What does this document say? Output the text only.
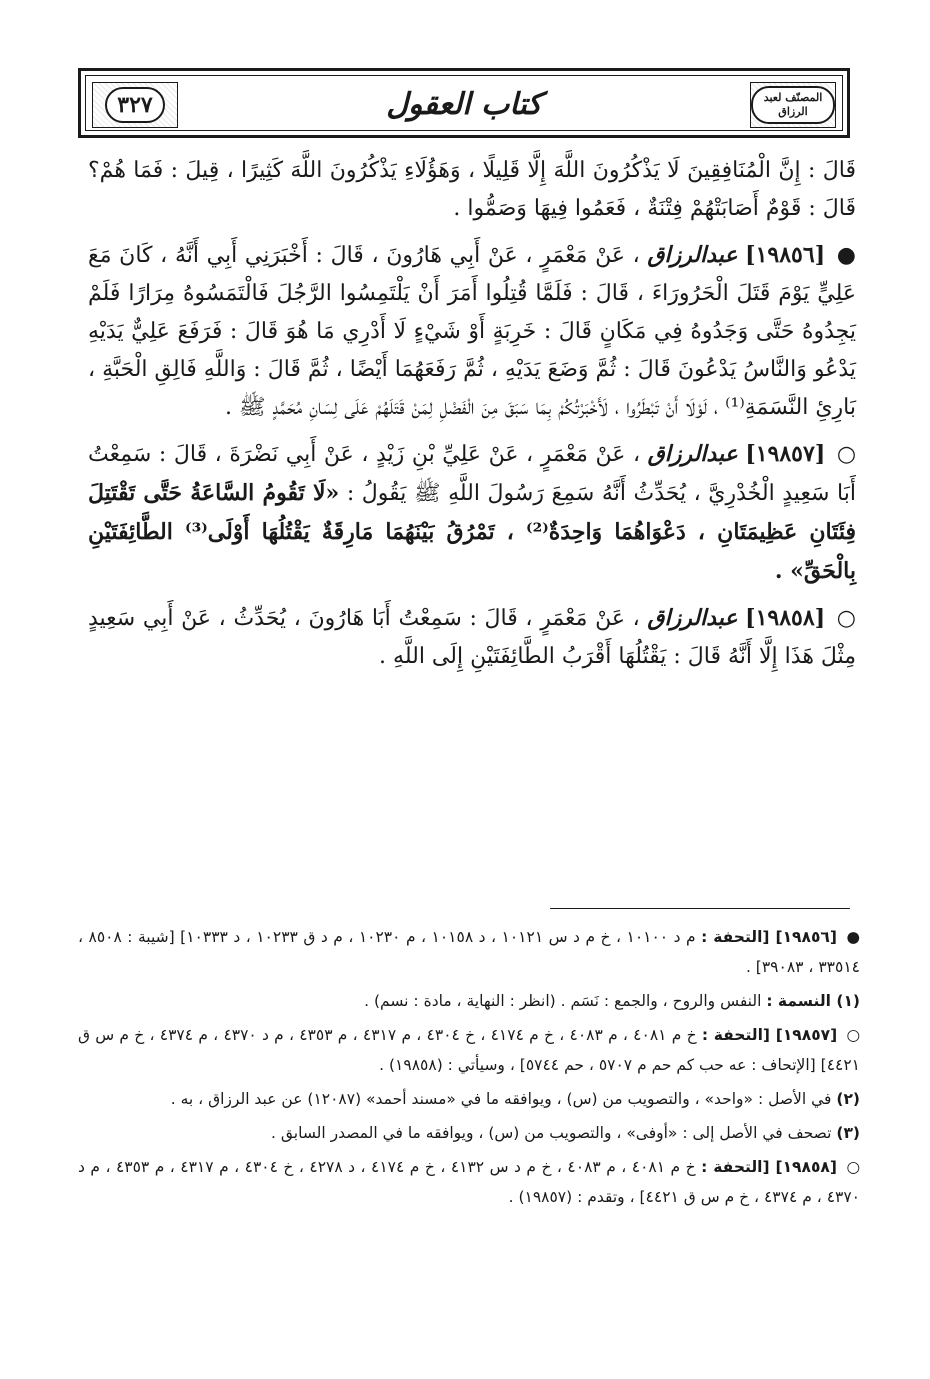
٣٢٧	كتاب العقول	المصنّف لعبد الرزاق

قَالَ : إِنَّ الْمُنَافِقِينَ لَا يَذْكُرُونَ اللَّهَ إِلَّا قَلِيلًا ، وَهَؤُلَاءِ يَذْكُرُونَ اللَّهَ كَثِيرًا ، قِيلَ : فَمَا هُمْ؟ قَالَ : قَوْمٌ أَصَابَتْهُمْ فِتْنَةٌ ، فَعَمُوا فِيهَا وَصَمُّوا .

● [١٩٨٥٦] عبدالرزاق ، عَنْ مَعْمَرٍ ، عَنْ أَبِي هَارُونَ ، قَالَ : أَخْبَرَنِي أَبِي أَنَّهُ ، كَانَ مَعَ عَلِيٍّ يَوْمَ قَتَلَ الْحَرُورَاءَ ، قَالَ : فَلَمَّا قُتِلُوا أَمَرَ أَنْ يَلْتَمِسُوا الرَّجُلَ فَالْتَمَسُوهُ مِرَارًا فَلَمْ يَجِدُوهُ حَتَّى وَجَدُوهُ فِي مَكَانٍ قَالَ : خَرِبَةٍ أَوْ شَيْءٍ لَا أَدْرِي مَا هُوَ قَالَ : فَرَفَعَ عَلِيٌّ يَدَيْهِ يَدْعُو وَالنَّاسُ يَدْعُونَ قَالَ : ثُمَّ وَضَعَ يَدَيْهِ ، ثُمَّ رَفَعَهُمَا أَيْضًا ، ثُمَّ قَالَ : وَاللَّهِ فَالِقِ الْحَبَّةِ ، بَارِئِ النَّسَمَةِ⁽¹⁾ ، لَوْلَا أَنْ تَبْطَرُوا ، لَأَخْبَرْتُكُمْ بِمَا سَبَقَ مِنَ الْفَضْلِ لِمَنْ قَتَلَهُمْ عَلَى لِسَانِ مُحَمَّدٍ ﷺ .

○ [١٩٨٥٧] عبدالرزاق ، عَنْ مَعْمَرٍ ، عَنْ عَلِيِّ بْنِ زَيْدٍ ، عَنْ أَبِي نَضْرَةَ ، قَالَ : سَمِعْتُ أَبَا سَعِيدٍ الْخُدْرِيَّ ، يُحَدِّثُ أَنَّهُ سَمِعَ رَسُولَ اللَّهِ ﷺ يَقُولُ : «لَا تَقُومُ السَّاعَةُ حَتَّى تَقْتَتِلَ فِئَتَانِ عَظِيمَتَانِ ، دَعْوَاهُمَا وَاحِدَةٌ⁽²⁾ ، تَمْرُقُ بَيْنَهُمَا مَارِقَةٌ يَقْتُلُهَا أَوْلَى⁽³⁾ الطَّائِفَتَيْنِ بِالْحَقِّ» .

○ [١٩٨٥٨] عبدالرزاق ، عَنْ مَعْمَرٍ ، قَالَ : سَمِعْتُ أَبَا هَارُونَ ، يُحَدِّثُ ، عَنْ أَبِي سَعِيدٍ مِثْلَ هَذَا إِلَّا أَنَّهُ قَالَ : يَقْتُلُهَا أَقْرَبُ الطَّائِفَتَيْنِ إِلَى اللَّهِ .

● [١٩٨٥٦] [التحفة : م د ١٠١٠٠ ، خ م د س ١٠١٢١ ، د ١٠١٥٨ ، م ١٠٢٣٠ ، م د ق ١٠٢٣٣ ، د ١٠٣٣٣] [شيبة : ٨٥٠٨ ، ٣٣٥١٤ ، ٣٩٠٨٣] .

(١) النسمة : النفس والروح ، والجمع : نَسَم . (انظر : النهاية ، مادة : نسم) .

○ [١٩٨٥٧] [التحفة : خ م ٤٠٨١ ، م ٤٠٨٣ ، خ م ٤١٧٤ ، خ ٤٣٠٤ ، م ٤٣١٧ ، م ٤٣٥٣ ، م د ٤٣٧٠ ، م ٤٣٧٤ ، خ م س ق ٤٤٢١] [الإتحاف : عه حب كم حم م ٥٧٠٧ ، حم ٥٧٤٤] ، وسيأتي : (١٩٨٥٨) .

(٢) في الأصل : «واحد» ، والتصويب من (س) ، ويوافقه ما في «مسند أحمد» (١٢٠٨٧) عن عبد الرزاق ، به .

(٣) تصحف في الأصل إلى : «أوفى» ، والتصويب من (س) ، ويوافقه ما في المصدر السابق .

○ [١٩٨٥٨] [التحفة : خ م ٤٠٨١ ، م ٤٠٨٣ ، خ م د س ٤١٣٢ ، خ م ٤١٧٤ ، د ٤٢٧٨ ، خ ٤٣٠٤ ، م ٤٣١٧ ، م ٤٣٥٣ ، م د ٤٣٧٠ ، م ٤٣٧٤ ، خ م س ق ٤٤٢١] ، وتقدم : (١٩٨٥٧) .
